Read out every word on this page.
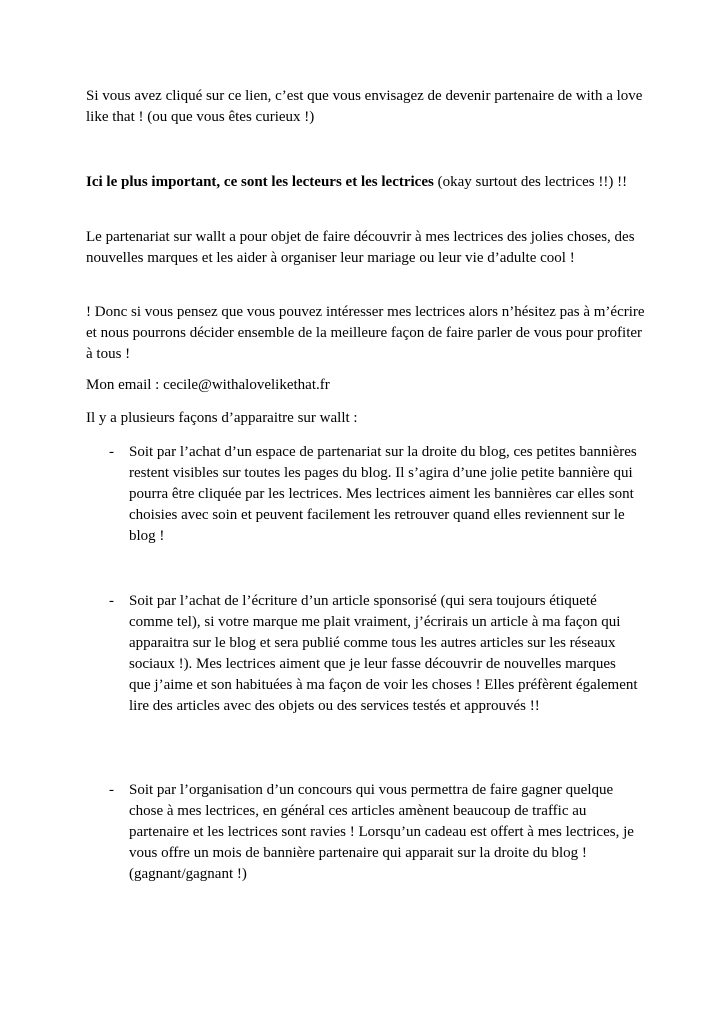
Si vous avez cliqué sur ce lien, c’est que vous envisagez de devenir partenaire de with a love like that ! (ou que vous êtes curieux !)

Ici le plus important, ce sont les lecteurs et les lectrices (okay surtout des lectrices !!) !!

Le partenariat sur wallt a pour objet de faire découvrir à mes lectrices des jolies choses, des nouvelles marques et les aider à organiser leur mariage ou leur vie d’adulte cool !

! Donc si vous pensez que vous pouvez intéresser mes lectrices alors n’hésitez pas à m’écrire et nous pourrons décider ensemble de la meilleure façon de faire parler de vous pour profiter à tous !

Mon email : cecile@withalovelikethat.fr

Il y a plusieurs façons d’apparaitre sur wallt :

- Soit par l’achat d’un espace de partenariat sur la droite du blog, ces petites bannières restent visibles sur toutes les pages du blog. Il s’agira d’une jolie petite bannière qui pourra être cliquée par les lectrices. Mes lectrices aiment les bannières car elles sont choisies avec soin et peuvent facilement les retrouver quand elles reviennent sur le blog !

- Soit par l’achat de l’écriture d’un article sponsorisé (qui sera toujours étiqueté comme tel), si votre marque me plait vraiment, j’écrirais un article à ma façon qui apparaitra sur le blog et sera publié comme tous les autres articles sur les réseaux sociaux !). Mes lectrices aiment que je leur fasse découvrir de nouvelles marques que j’aime et son habituées à ma façon de voir les choses ! Elles préfèrent également lire des articles avec des objets ou des services testés et approuvés !!

- Soit par l’organisation d’un concours qui vous permettra de faire gagner quelque chose à mes lectrices, en général ces articles amènent beaucoup de traffic au partenaire et les lectrices sont ravies ! Lorsqu’un cadeau est offert à mes lectrices, je vous offre un mois de bannière partenaire qui apparait sur la droite du blog ! (gagnant/gagnant !)
